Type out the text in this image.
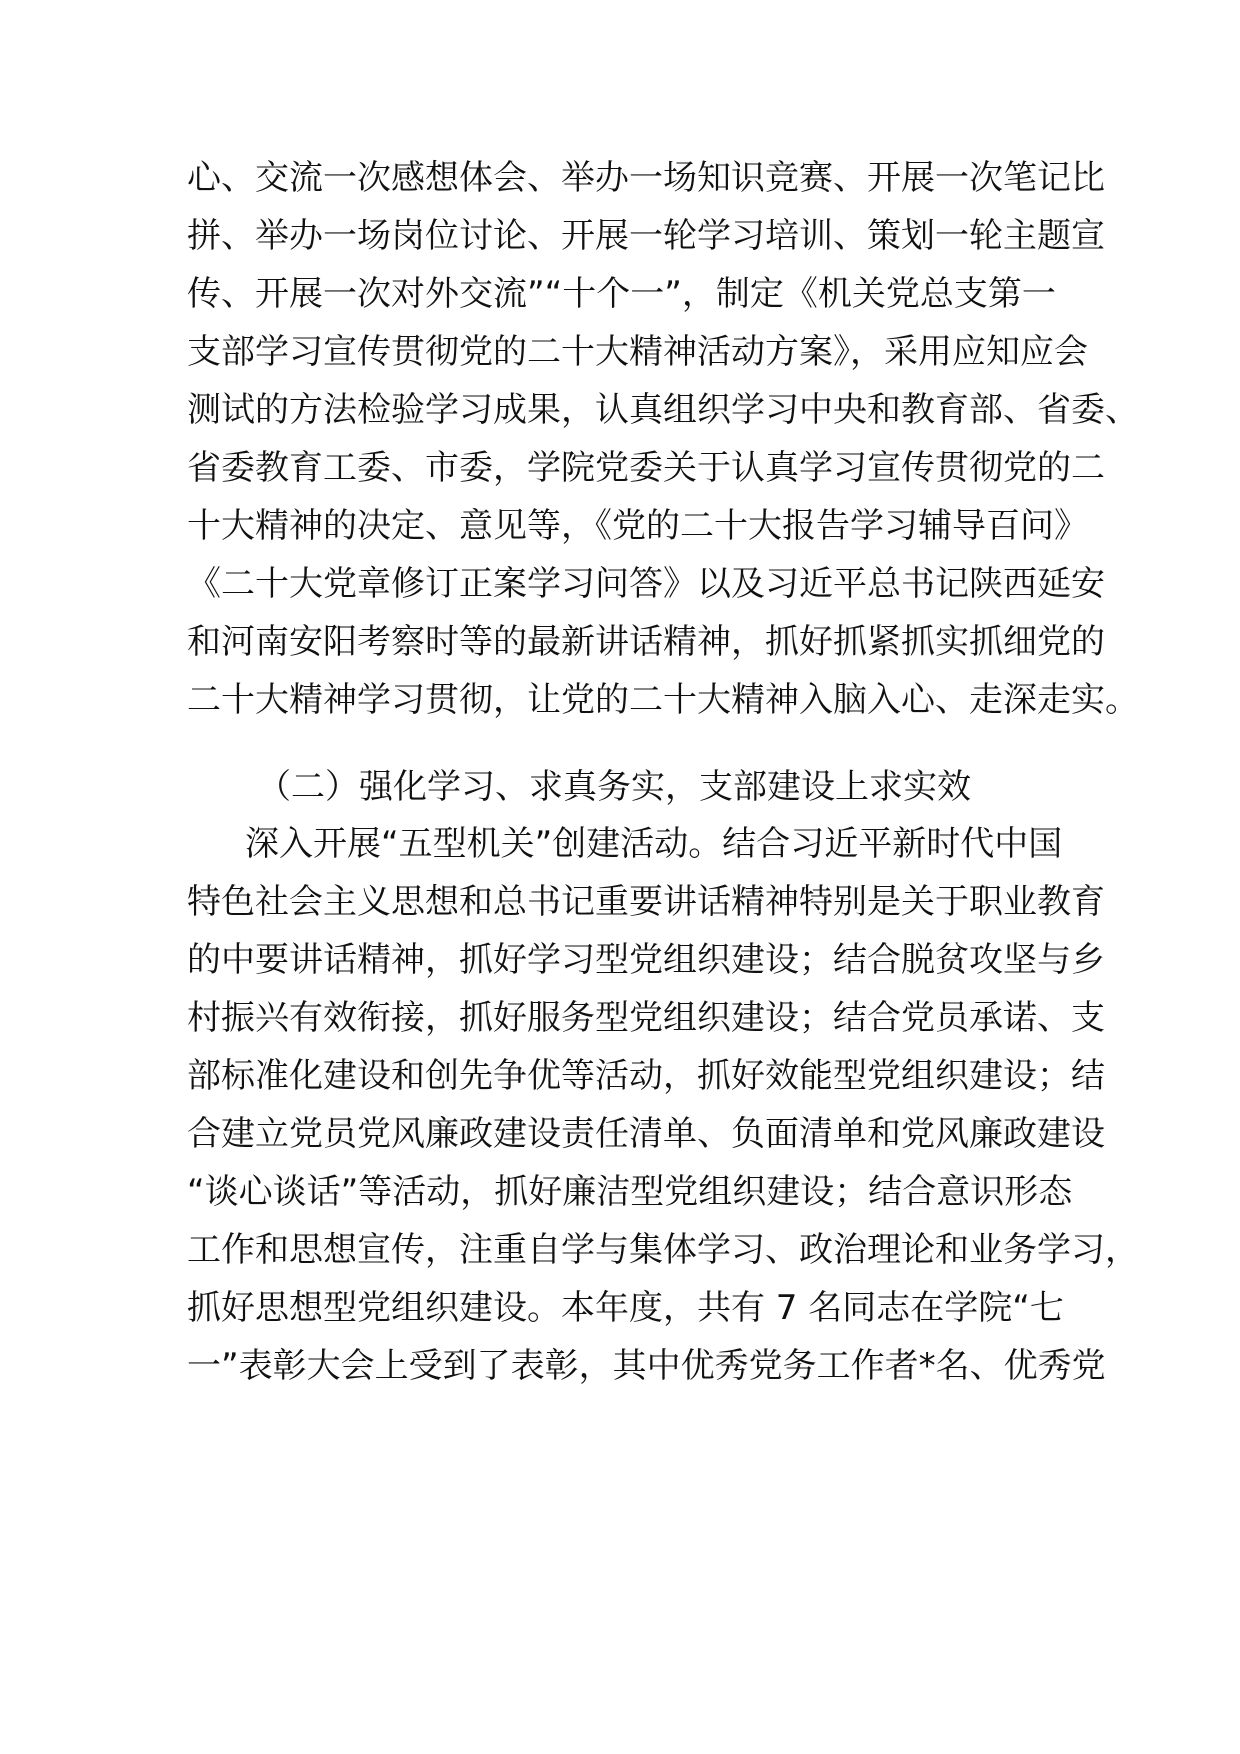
心、交流一次感想体会、举办一场知识竞赛、开展一次笔记比
拼、举办一场岗位讨论、开展一轮学习培训、策划一轮主题宣
传、开展一次对外交流”“十个一”，制定《机关党总支第一
支部学习宣传贯彻党的二十大精神活动方案》，采用应知应会
测试的方法检验学习成果，认真组织学习中央和教育部、省委、
省委教育工委、市委，学院党委关于认真学习宣传贯彻党的二
十大精神的决定、意见等，《党的二十大报告学习辅导百问》
《二十大党章修订正案学习问答》以及习近平总书记陕西延安
和河南安阳考察时等的最新讲话精神，抓好抓紧抓实抓细党的
二十大精神学习贯彻，让党的二十大精神入脑入心、走深走实。
（二）强化学习、求真务实，支部建设上求实效
深入开展“五型机关”创建活动。结合习近平新时代中国
特色社会主义思想和总书记重要讲话精神特别是关于职业教育
的中要讲话精神，抓好学习型党组织建设；结合脱贫攻坚与乡
村振兴有效衔接，抓好服务型党组织建设；结合党员承诺、支
部标准化建设和创先争优等活动，抓好效能型党组织建设；结
合建立党员党风廉政建设责任清单、负面清单和党风廉政建设
“谈心谈话”等活动，抓好廉洁型党组织建设；结合意识形态
工作和思想宣传，注重自学与集体学习、政治理论和业务学习，
抓好思想型党组织建设。本年度，共有 7 名同志在学院“七
一”表彰大会上受到了表彰，其中优秀党务工作者*名、优秀党
